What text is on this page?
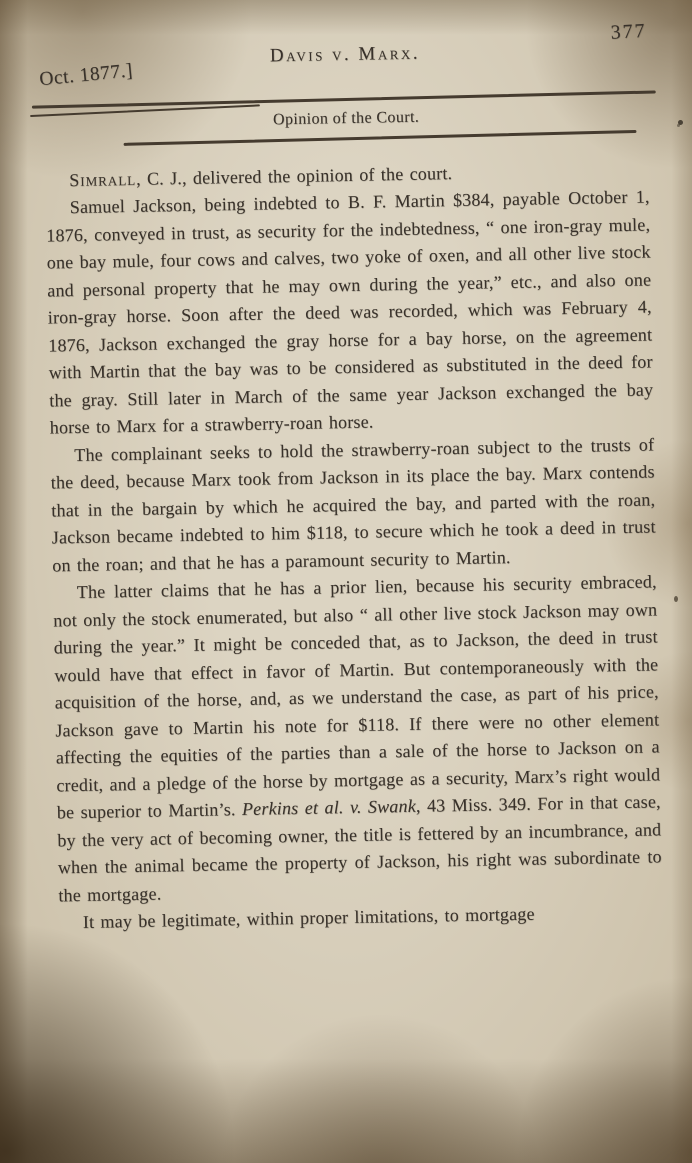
Oct. 1877.]
Davis v. Marx.
377
Opinion of the Court.

Simrall, C. J., delivered the opinion of the court.

Samuel Jackson, being indebted to B. F. Martin $384, payable October 1, 1876, conveyed in trust, as security for the indebtedness, “ one iron-gray mule, one bay mule, four cows and calves, two yoke of oxen, and all other live stock and personal property that he may own during the year,” etc., and also one iron-gray horse. Soon after the deed was recorded, which was February 4, 1876, Jackson exchanged the gray horse for a bay horse, on the agreement with Martin that the bay was to be considered as substituted in the deed for the gray. Still later in March of the same year Jackson exchanged the bay horse to Marx for a strawberry-roan horse.

The complainant seeks to hold the strawberry-roan subject to the trusts of the deed, because Marx took from Jackson in its place the bay. Marx contends that in the bargain by which he acquired the bay, and parted with the roan, Jackson became indebted to him $118, to secure which he took a deed in trust on the roan; and that he has a paramount security to Martin.

The latter claims that he has a prior lien, because his security embraced, not only the stock enumerated, but also “ all other live stock Jackson may own during the year.” It might be conceded that, as to Jackson, the deed in trust would have that effect in favor of Martin. But contemporaneously with the acquisition of the horse, and, as we understand the case, as part of his price, Jackson gave to Martin his note for $118. If there were no other element affecting the equities of the parties than a sale of the horse to Jackson on a credit, and a pledge of the horse by mortgage as a security, Marx’s right would be superior to Martin’s. Perkins et al. v. Swank, 43 Miss. 349. For in that case, by the very act of becoming owner, the title is fettered by an incumbrance, and when the animal became the property of Jackson, his right was subordinate to the mortgage.

It may be legitimate, within proper limitations, to mortgage
